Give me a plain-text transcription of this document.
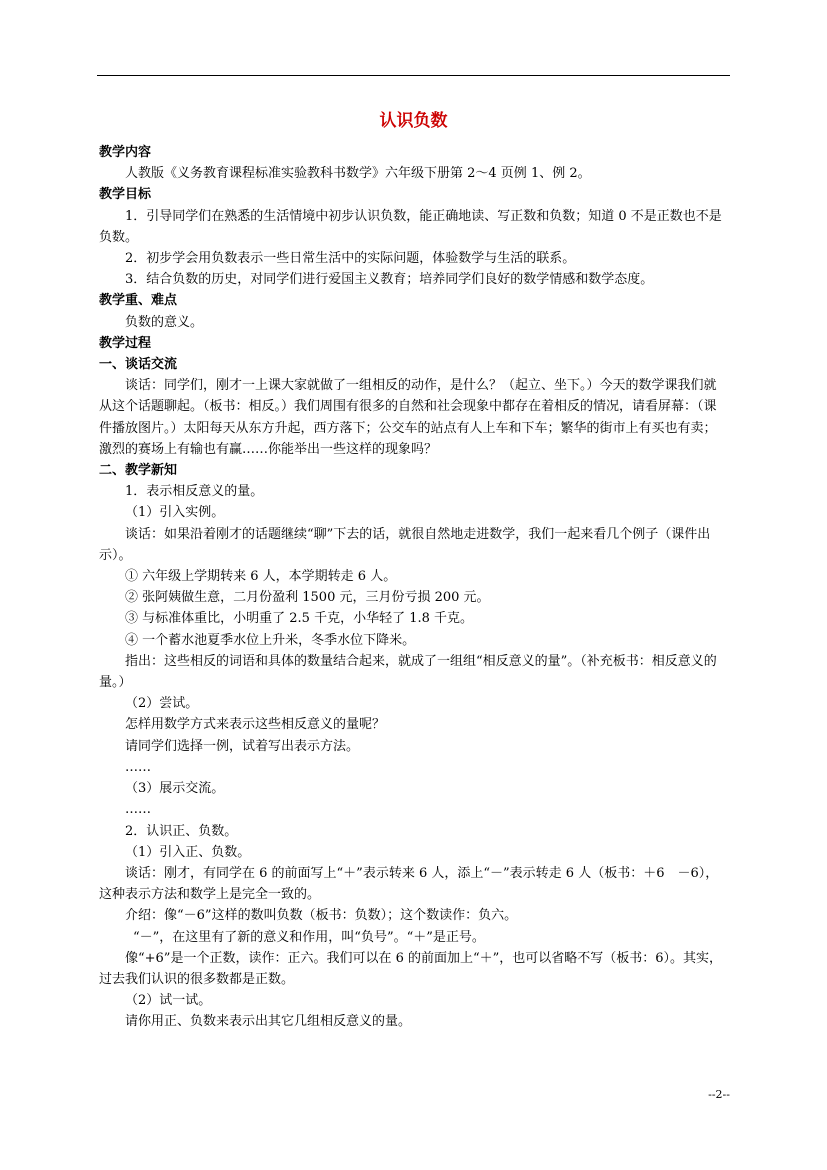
认识负数

教学内容

人教版《义务教育课程标准实验教科书数学》六年级下册第 2～4 页例 1、例 2。

教学目标

1．引导同学们在熟悉的生活情境中初步认识负数，能正确地读、写正数和负数；知道 0 不是正数也不是负数。

2．初步学会用负数表示一些日常生活中的实际问题，体验数学与生活的联系。

3．结合负数的历史，对同学们进行爱国主义教育；培养同学们良好的数学情感和数学态度。

教学重、难点

负数的意义。

教学过程

一、谈话交流

谈话：同学们，刚才一上课大家就做了一组相反的动作，是什么？（起立、坐下。）今天的数学课我们就从这个话题聊起。（板书：相反。）我们周围有很多的自然和社会现象中都存在着相反的情况，请看屏幕：（课件播放图片。）太阳每天从东方升起，西方落下；公交车的站点有人上车和下车；繁华的街市上有买也有卖；激烈的赛场上有输也有赢……你能举出一些这样的现象吗？

二、教学新知

1．表示相反意义的量。

（1）引入实例。

谈话：如果沿着刚才的话题继续“聊”下去的话，就很自然地走进数学，我们一起来看几个例子（课件出示）。

① 六年级上学期转来 6 人，本学期转走 6 人。

② 张阿姨做生意，二月份盈利 1500 元，三月份亏损 200 元。

③ 与标准体重比，小明重了 2.5 千克，小华轻了 1.8 千克。

④ 一个蓄水池夏季水位上升米，冬季水位下降米。

指出：这些相反的词语和具体的数量结合起来，就成了一组组“相反意义的量”。（补充板书：相反意义的量。）

（2）尝试。

怎样用数学方式来表示这些相反意义的量呢？

请同学们选择一例，试着写出表示方法。

……

（3）展示交流。

……

2．认识正、负数。

（1）引入正、负数。

谈话：刚才，有同学在 6 的前面写上“＋”表示转来 6 人，添上“－”表示转走 6 人（板书：＋6　－6），这种表示方法和数学上是完全一致的。

介绍：像“－6”这样的数叫负数（板书：负数）；这个数读作：负六。

“－”，在这里有了新的意义和作用，叫“负号”。“＋”是正号。

像“+6”是一个正数，读作：正六。我们可以在 6 的前面加上“＋”，也可以省略不写（板书：6）。其实，过去我们认识的很多数都是正数。

（2）试一试。

请你用正、负数来表示出其它几组相反意义的量。

--2--
